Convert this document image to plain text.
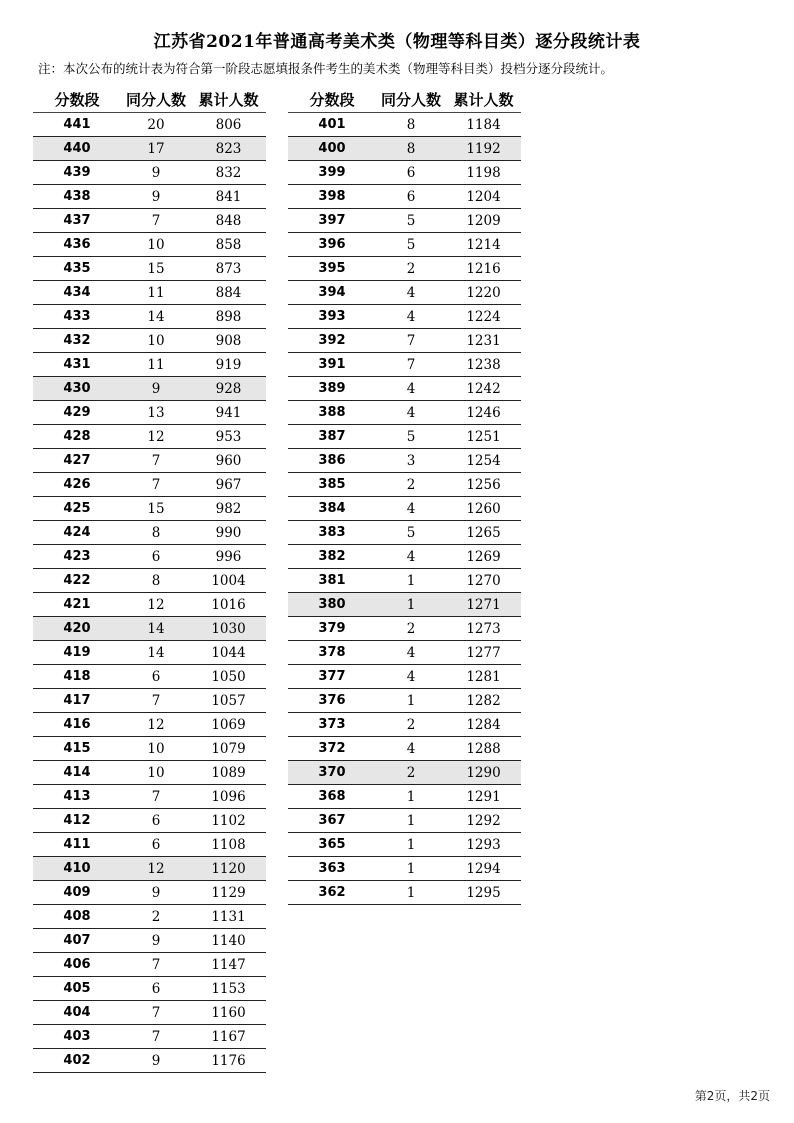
江苏省2021年普通高考美术类（物理等科目类）逐分段统计表
注：本次公布的统计表为符合第一阶段志愿填报条件考生的美术类（物理等科目类）投档分逐分段统计。
分数段	同分人数 累计人数
441	20	806
440	17	823
439	9	832
438	9	841
437	7	848
436	10	858
435	15	873
434	11	884
433	14	898
432	10	908
431	11	919
430	9	928
429	13	941
428	12	953
427	7	960
426	7	967
425	15	982
424	8	990
423	6	996
422	8	1004
421	12	1016
420	14	1030
419	14	1044
418	6	1050
417	7	1057
416	12	1069
415	10	1079
414	10	1089
413	7	1096
412	6	1102
411	6	1108
410	12	1120
409	9	1129
408	2	1131
407	9	1140
406	7	1147
405	6	1153
404	7	1160
403	7	1167
402	9	1176
分数段	同分人数 累计人数
401	8	1184
400	8	1192
399	6	1198
398	6	1204
397	5	1209
396	5	1214
395	2	1216
394	4	1220
393	4	1224
392	7	1231
391	7	1238
389	4	1242
388	4	1246
387	5	1251
386	3	1254
385	2	1256
384	4	1260
383	5	1265
382	4	1269
381	1	1270
380	1	1271
379	2	1273
378	4	1277
377	4	1281
376	1	1282
373	2	1284
372	4	1288
370	2	1290
368	1	1291
367	1	1292
365	1	1293
363	1	1294
362	1	1295
第2页，共2页
